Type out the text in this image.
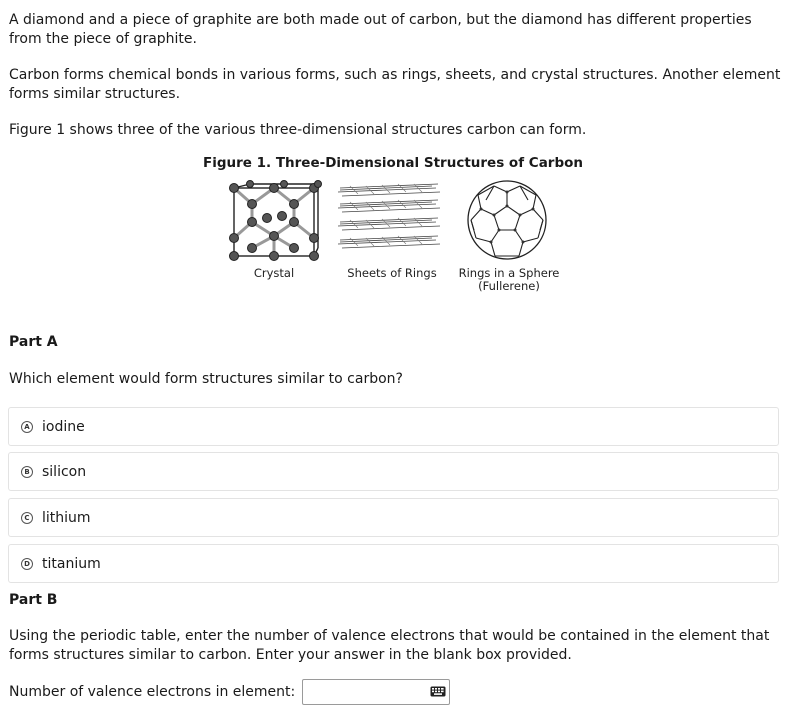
A diamond and a piece of graphite are both made out of carbon, but the diamond has different properties from the piece of graphite.

Carbon forms chemical bonds in various forms, such as rings, sheets, and crystal structures. Another element forms similar structures.

Figure 1 shows three of the various three-dimensional structures carbon can form.

Figure 1. Three-Dimensional Structures of Carbon
Crystal	Sheets of Rings	Rings in a Sphere
(Fullerene)
Part A

Which element would form structures similar to carbon?

A iodine
B silicon
C lithium
D titanium
Part B

Using the periodic table, enter the number of valence electrons that would be contained in the element that forms structures similar to carbon. Enter your answer in the blank box provided.

Number of valence electrons in element:
